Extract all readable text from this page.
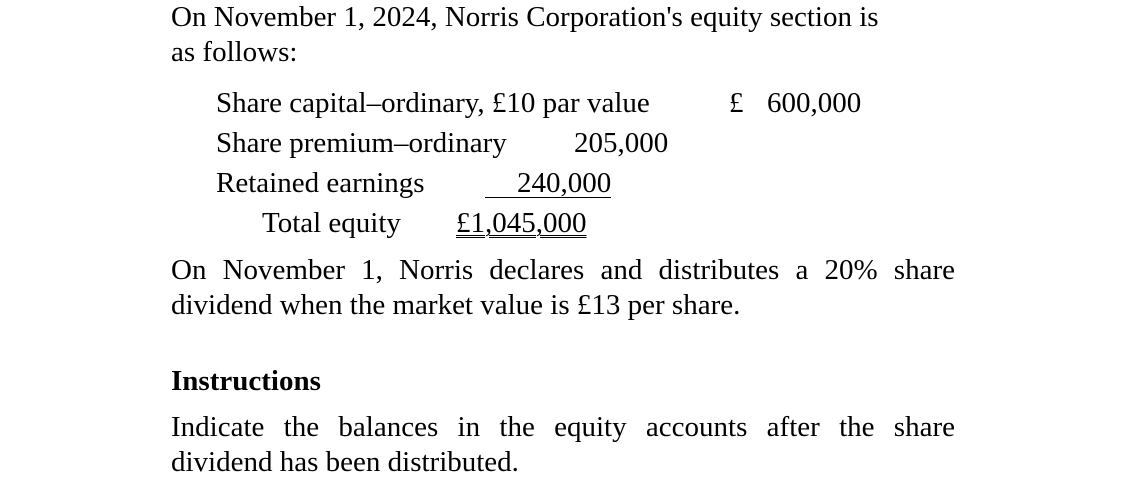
On November 1, 2024, Norris Corporation's equity section is
as follows:

Share capital–ordinary, £10 par value	£ 600,000
Share premium–ordinary 205,000
Retained earnings	240,000
Total equity £1,045,000

On November 1, Norris declares and distributes a 20% share
dividend when the market value is £13 per share.

Instructions

Indicate the balances in the equity accounts after the share
dividend has been distributed.
